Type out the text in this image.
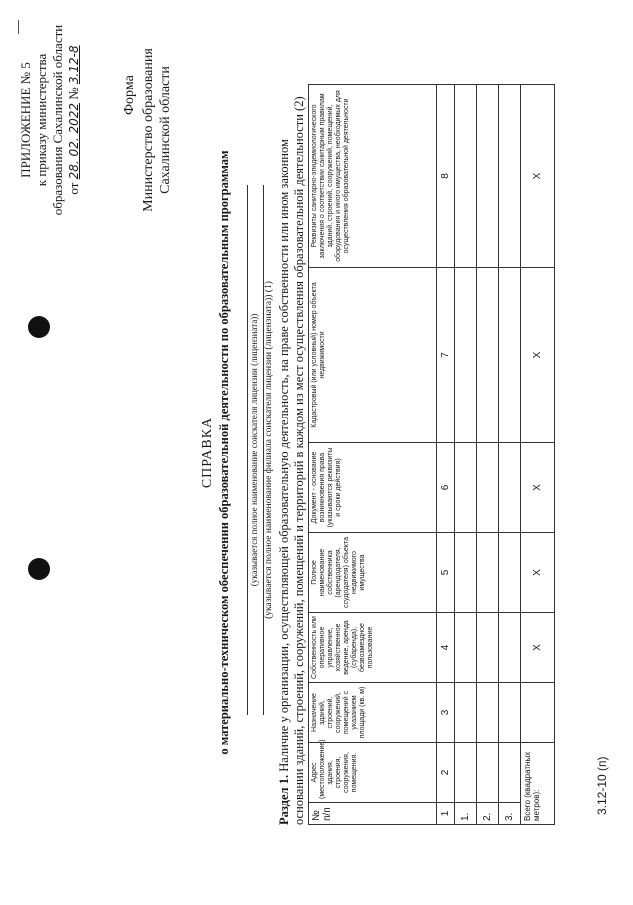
ПРИЛОЖЕНИЕ № 5 к приказу министерства образования Сахалинской области от 28. 02. 2022 № 3.12-8
Форма Министерство образования Сахалинской области
СПРАВКА о материально-техническом обеспечении образовательной деятельности по образовательным программам (указывается полное наименование соискателя лицензии (лицензиата)) (указывается полное наименование филиала соискателя лицензии (лицензиата)) (1)
Раздел 1. Наличие у организации, осуществляющей образовательную деятельность, на праве собственности или ином законном основании зданий, строений, сооружений, помещений и территорий в каждом из мест осуществления образовательной деятельности (2) № п/п	Адрес (местоположение) здания, строения, сооружения, помещения.	Назначение зданий, строений, сооружений, помещений с указанием площади (кв. м)	Собственность или оперативное управление, хозяйственное ведение, аренда (субаренда), безвозмездное пользование	Полное наименование собственника (арендодателя, ссудодателя) объекта недвижимого имущества	Документ - основание возникновения права (указываются реквизиты и сроки действия)	Кадастровый (или условный) номер объекта недвижимости	Реквизиты санитарно-эпидемиологического заключения о соответствии санитарным правилам зданий, строений, сооружений, помещений, оборудования и иного имущества, необходимых для осуществления образовательной деятельности
1	2	3	4	5	6	7	8
1.							
2.							
3.							
Всего (квадратных метров):			X	X	X	X	X
3.12-10 (п)
